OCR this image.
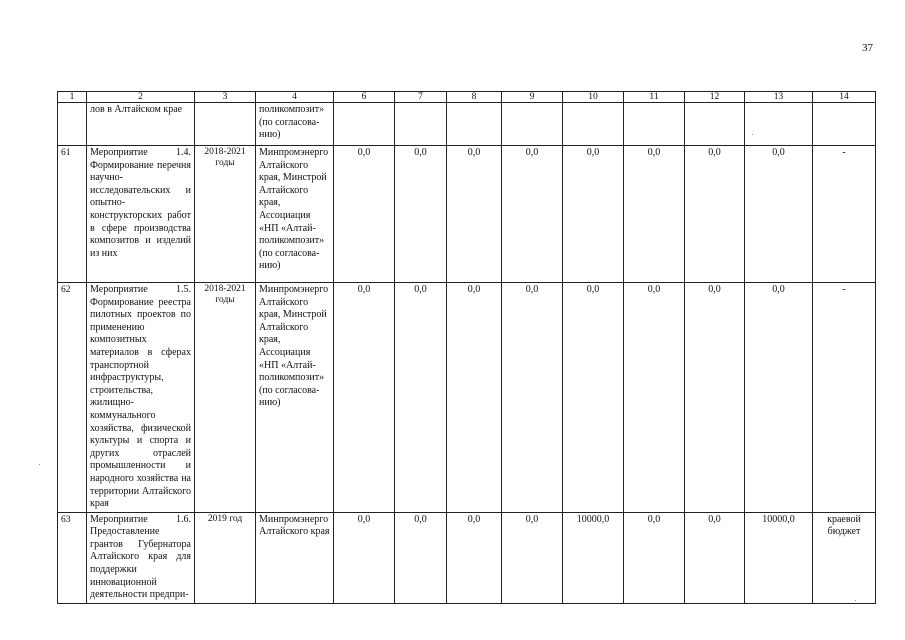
37
1	2	3	4	6	7	8	9	10	11	12	13	14
	лов в Алтайском крае		поликомпозит» (по согласова-нию)									
61	Мероприятие 1.4. Формирование перечня научно-исследовательских и опытно-конструкторских работ в сфере производства композитов и изделий из них	2018-2021 годы	Минпромэнерго Алтайского края, Минстрой Алтайского края, Ассоциация «НП «Алтай-поликомпозит» (по согласова-нию)	0,0	0,0	0,0	0,0	0,0	0,0	0,0	0,0	-
62	Мероприятие 1.5. Формирование реестра пилотных проектов по применению композитных материалов в сферах транспортной инфраструктуры, строительства, жилищно-коммунального хозяйства, физической культуры и спорта и других отраслей промышленности и народного хозяйства на территории Алтайского края	2018-2021 годы	Минпромэнерго Алтайского края, Минстрой Алтайского края, Ассоциация «НП «Алтай-поликомпозит» (по согласова-нию)	0,0	0,0	0,0	0,0	0,0	0,0	0,0	0,0	-
63	Мероприятие 1.6. Предоставление грантов Губернатора Алтайского края для поддержки инновационной деятельности предпри-	2019 год	Минпромэнерго Алтайского края	0,0	0,0	0,0	0,0	10000,0	0,0	0,0	10000,0	краевой бюджет
